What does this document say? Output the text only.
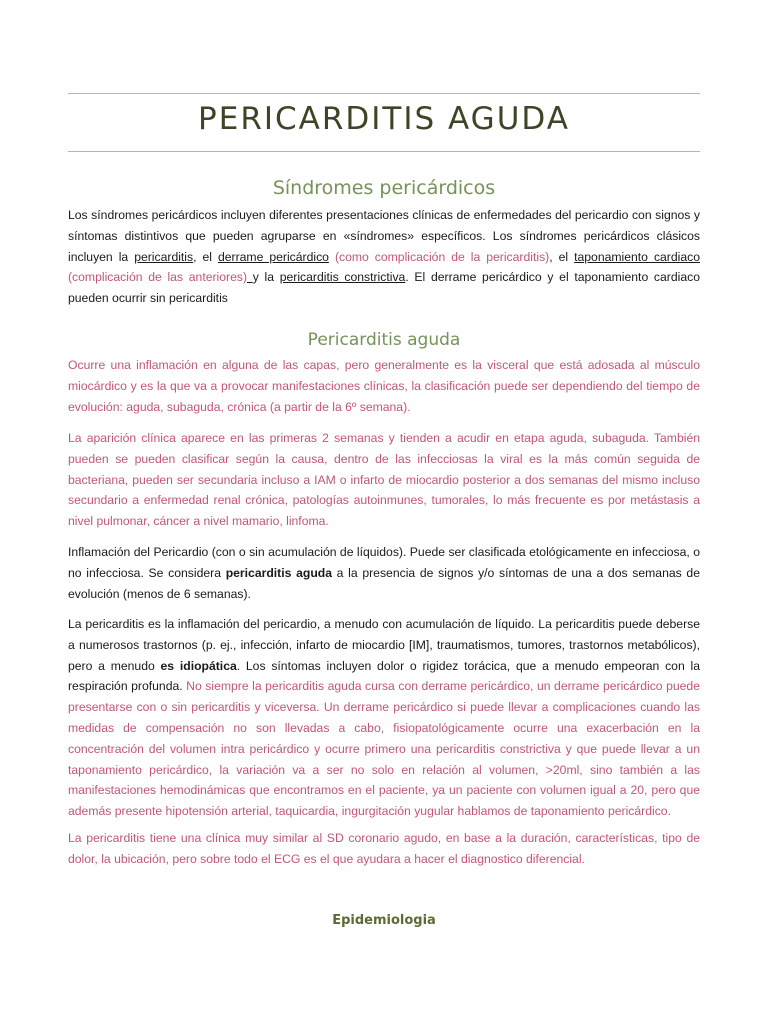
PERICARDITIS AGUDA
Síndromes pericárdicos

Los síndromes pericárdicos incluyen diferentes presentaciones clínicas de enfermedades del pericardio con signos y síntomas distintivos que pueden agruparse en «síndromes» específicos. Los síndromes pericárdicos clásicos incluyen la pericarditis, el derrame pericárdico (como complicación de la pericarditis), el taponamiento cardiaco (complicación de las anteriores) y la pericarditis constrictiva. El derrame pericárdico y el taponamiento cardiaco pueden ocurrir sin pericarditis

Pericarditis aguda

Ocurre una inflamación en alguna de las capas, pero generalmente es la visceral que está adosada al músculo miocárdico y es la que va a provocar manifestaciones clínicas, la clasificación puede ser dependiendo del tiempo de evolución: aguda, subaguda, crónica (a partir de la 6º semana).

La aparición clínica aparece en las primeras 2 semanas y tienden a acudir en etapa aguda, subaguda. También pueden se pueden clasificar según la causa, dentro de las infecciosas la viral es la más común seguida de bacteriana, pueden ser secundaria incluso a IAM o infarto de miocardio posterior a dos semanas del mismo incluso secundario a enfermedad renal crónica, patologías autoinmunes, tumorales, lo más frecuente es por metástasis a nivel pulmonar, cáncer a nivel mamario, linfoma.

Inflamación del Pericardio (con o sin acumulación de líquidos). Puede ser clasificada etológicamente en infecciosa, o no infecciosa. Se considera pericarditis aguda a la presencia de signos y/o síntomas de una a dos semanas de evolución (menos de 6 semanas).

La pericarditis es la inflamación del pericardio, a menudo con acumulación de líquido. La pericarditis puede deberse a numerosos trastornos (p. ej., infección, infarto de miocardio [IM], traumatismos, tumores, trastornos metabólicos), pero a menudo es idiopática. Los síntomas incluyen dolor o rigidez torácica, que a menudo empeoran con la respiración profunda. No siempre la pericarditis aguda cursa con derrame pericárdico, un derrame pericárdico puede presentarse con o sin pericarditis y viceversa. Un derrame pericárdico si puede llevar a complicaciones cuando las medidas de compensación no son llevadas a cabo, fisiopatológicamente ocurre una exacerbación en la concentración del volumen intra pericárdico y ocurre primero una pericarditis constrictiva y que puede llevar a un taponamiento pericárdico, la variación va a ser no solo en relación al volumen, >20ml, sino también a las manifestaciones hemodinámicas que encontramos en el paciente, ya un paciente con volumen igual a 20, pero que además presente hipotensión arterial, taquicardia, ingurgitación yugular hablamos de taponamiento pericárdico.

La pericarditis tiene una clínica muy similar al SD coronario agudo, en base a la duración, características, tipo de dolor, la ubicación, pero sobre todo el ECG es el que ayudara a hacer el diagnostico diferencial.

Epidemiologia
